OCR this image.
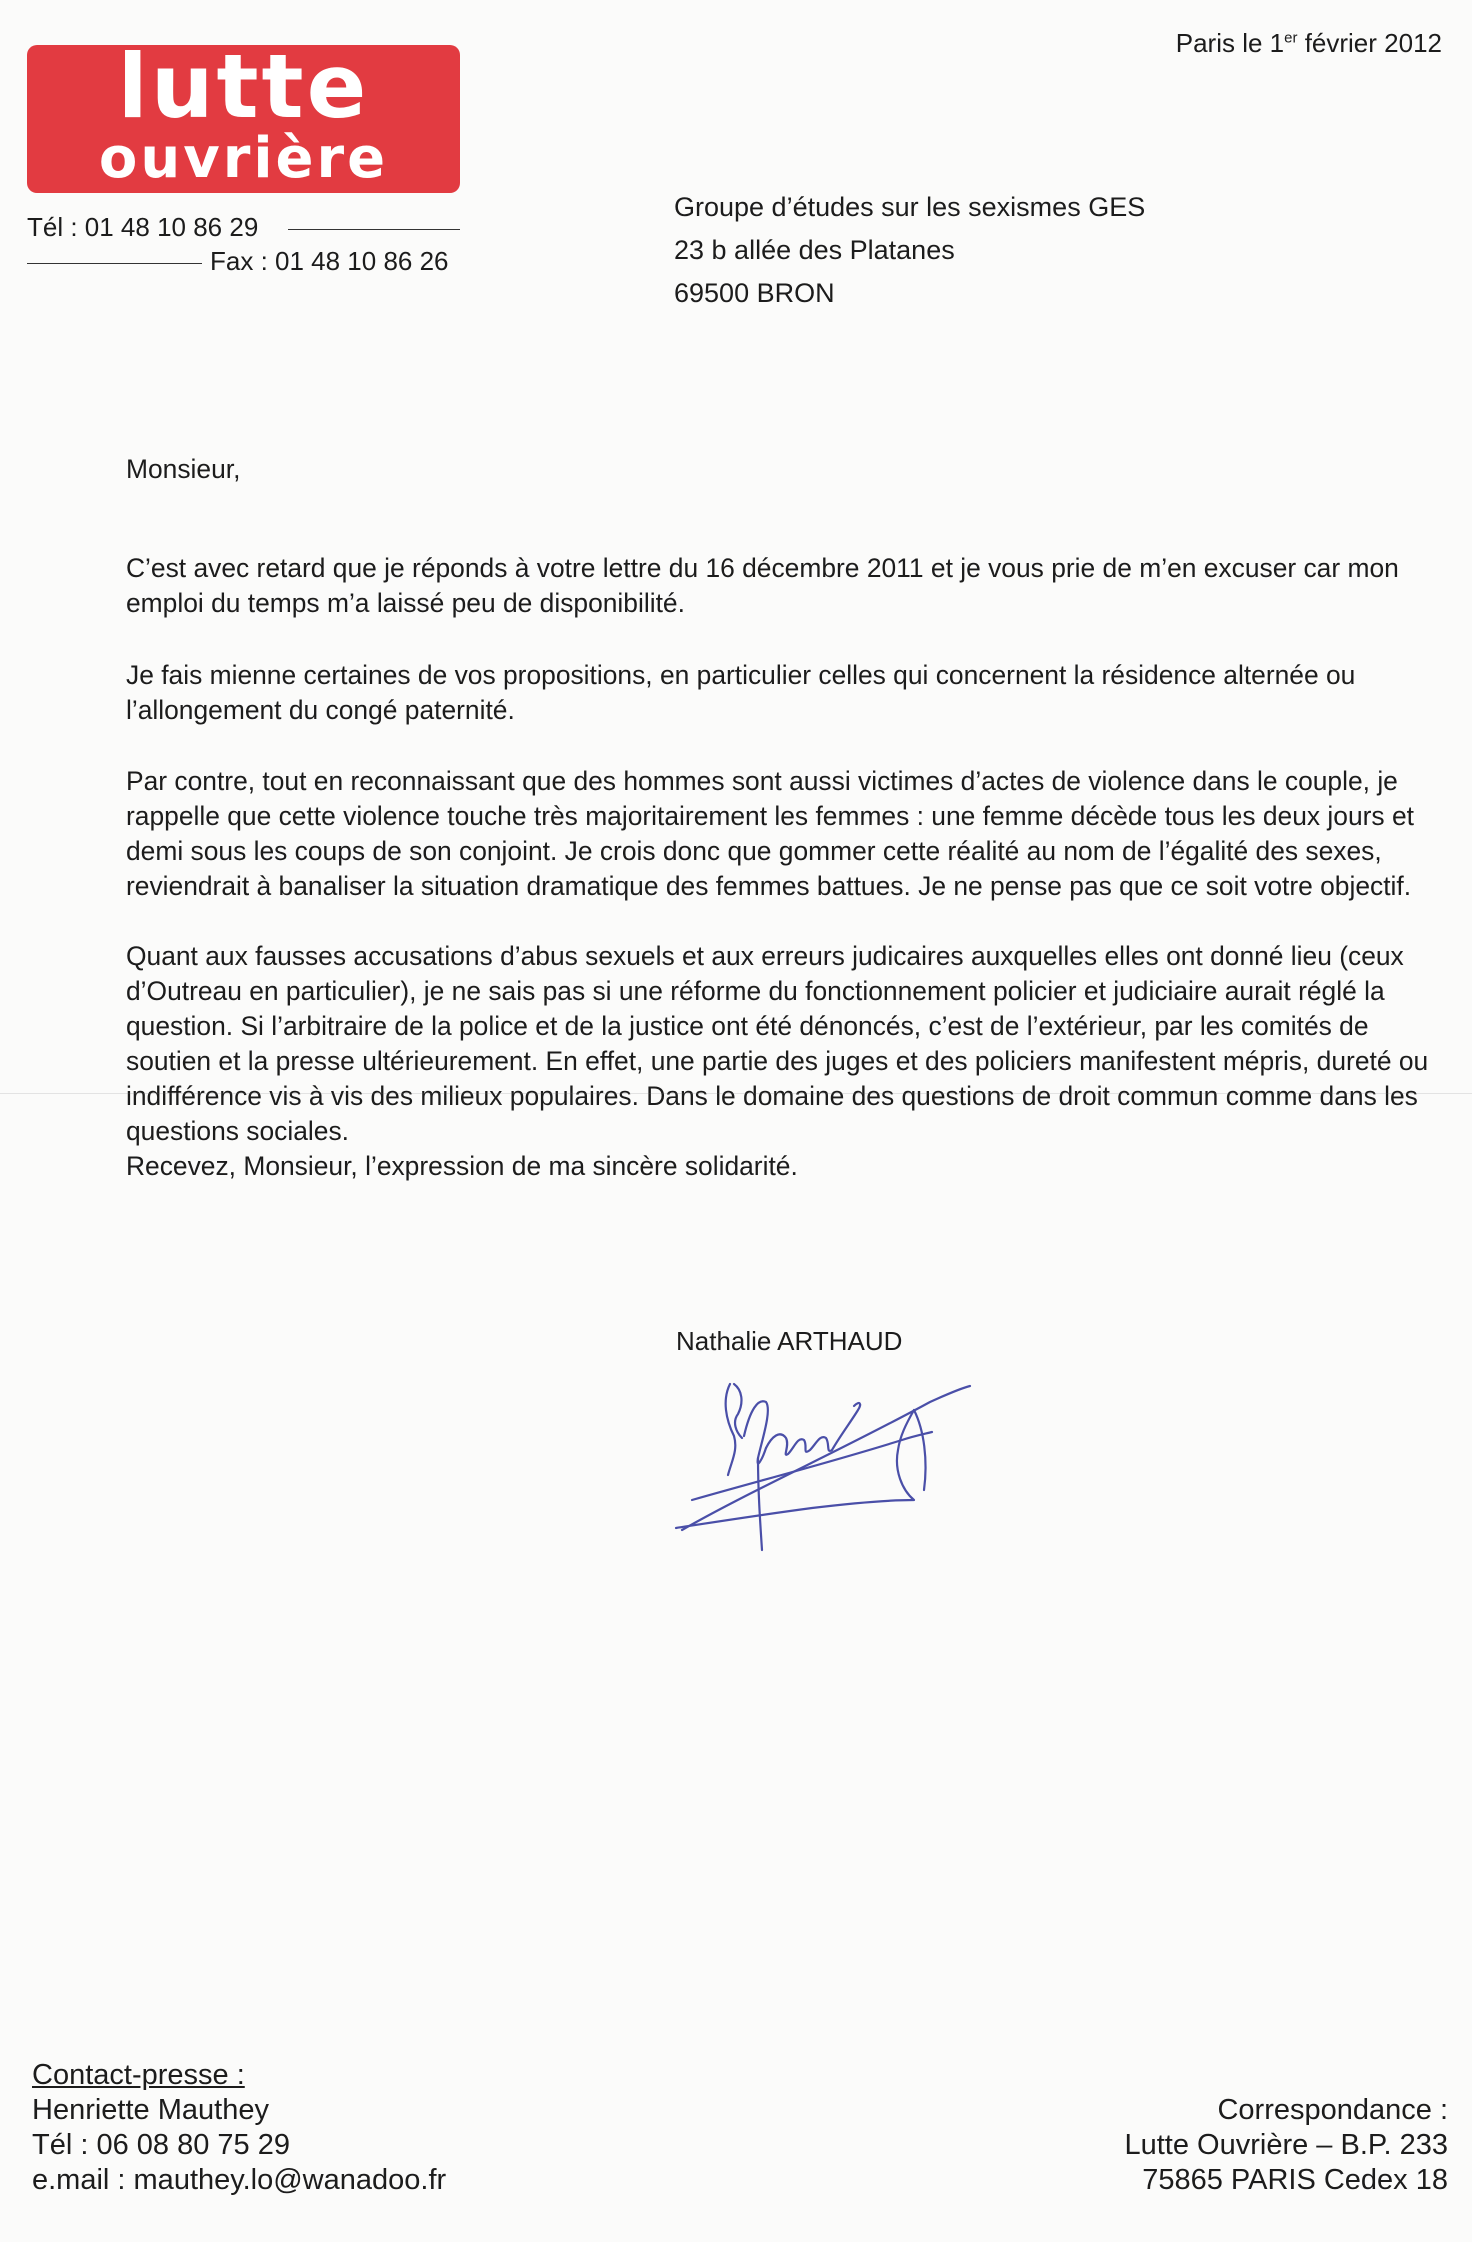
lutte
ouvrière
Tél : 01 48 10 86 29
Fax : 01 48 10 86 26
Paris le 1er février 2012
Groupe d’études sur les sexismes GES
23 b allée des Platanes
69500 BRON
Monsieur,
C’est avec retard que je réponds à votre lettre du 16 décembre 2011 et je vous prie de m’en excuser car mon emploi du temps m’a laissé peu de disponibilité.
Je fais mienne certaines de vos propositions, en particulier celles qui concernent la résidence alternée ou l’allongement du congé paternité.
Par contre, tout en reconnaissant que des hommes sont aussi victimes d’actes de violence dans le couple, je rappelle que cette violence touche très majoritairement les femmes : une femme décède tous les deux jours et demi sous les coups de son conjoint. Je crois donc que gommer cette réalité au nom de l’égalité des sexes, reviendrait à banaliser la situation dramatique des femmes battues. Je ne pense pas que ce soit votre objectif.
Quant aux fausses accusations d’abus sexuels et aux erreurs judicaires auxquelles elles ont donné lieu (ceux d’Outreau en particulier), je ne sais pas si une réforme du fonctionnement policier et judiciaire aurait réglé la question. Si l’arbitraire de la police et de la justice ont été dénoncés, c’est de l’extérieur, par les comités de soutien et la presse ultérieurement. En effet, une partie des juges et des policiers manifestent mépris, dureté ou indifférence vis à vis des milieux populaires. Dans le domaine des questions de droit commun comme dans les questions sociales.
Recevez, Monsieur, l’expression de ma sincère solidarité.
Nathalie ARTHAUD
Contact-presse :
Henriette Mauthey
Tél : 06 08 80 75 29
e.mail : mauthey.lo@wanadoo.fr
Correspondance :
Lutte Ouvrière – B.P. 233
75865 PARIS Cedex 18
